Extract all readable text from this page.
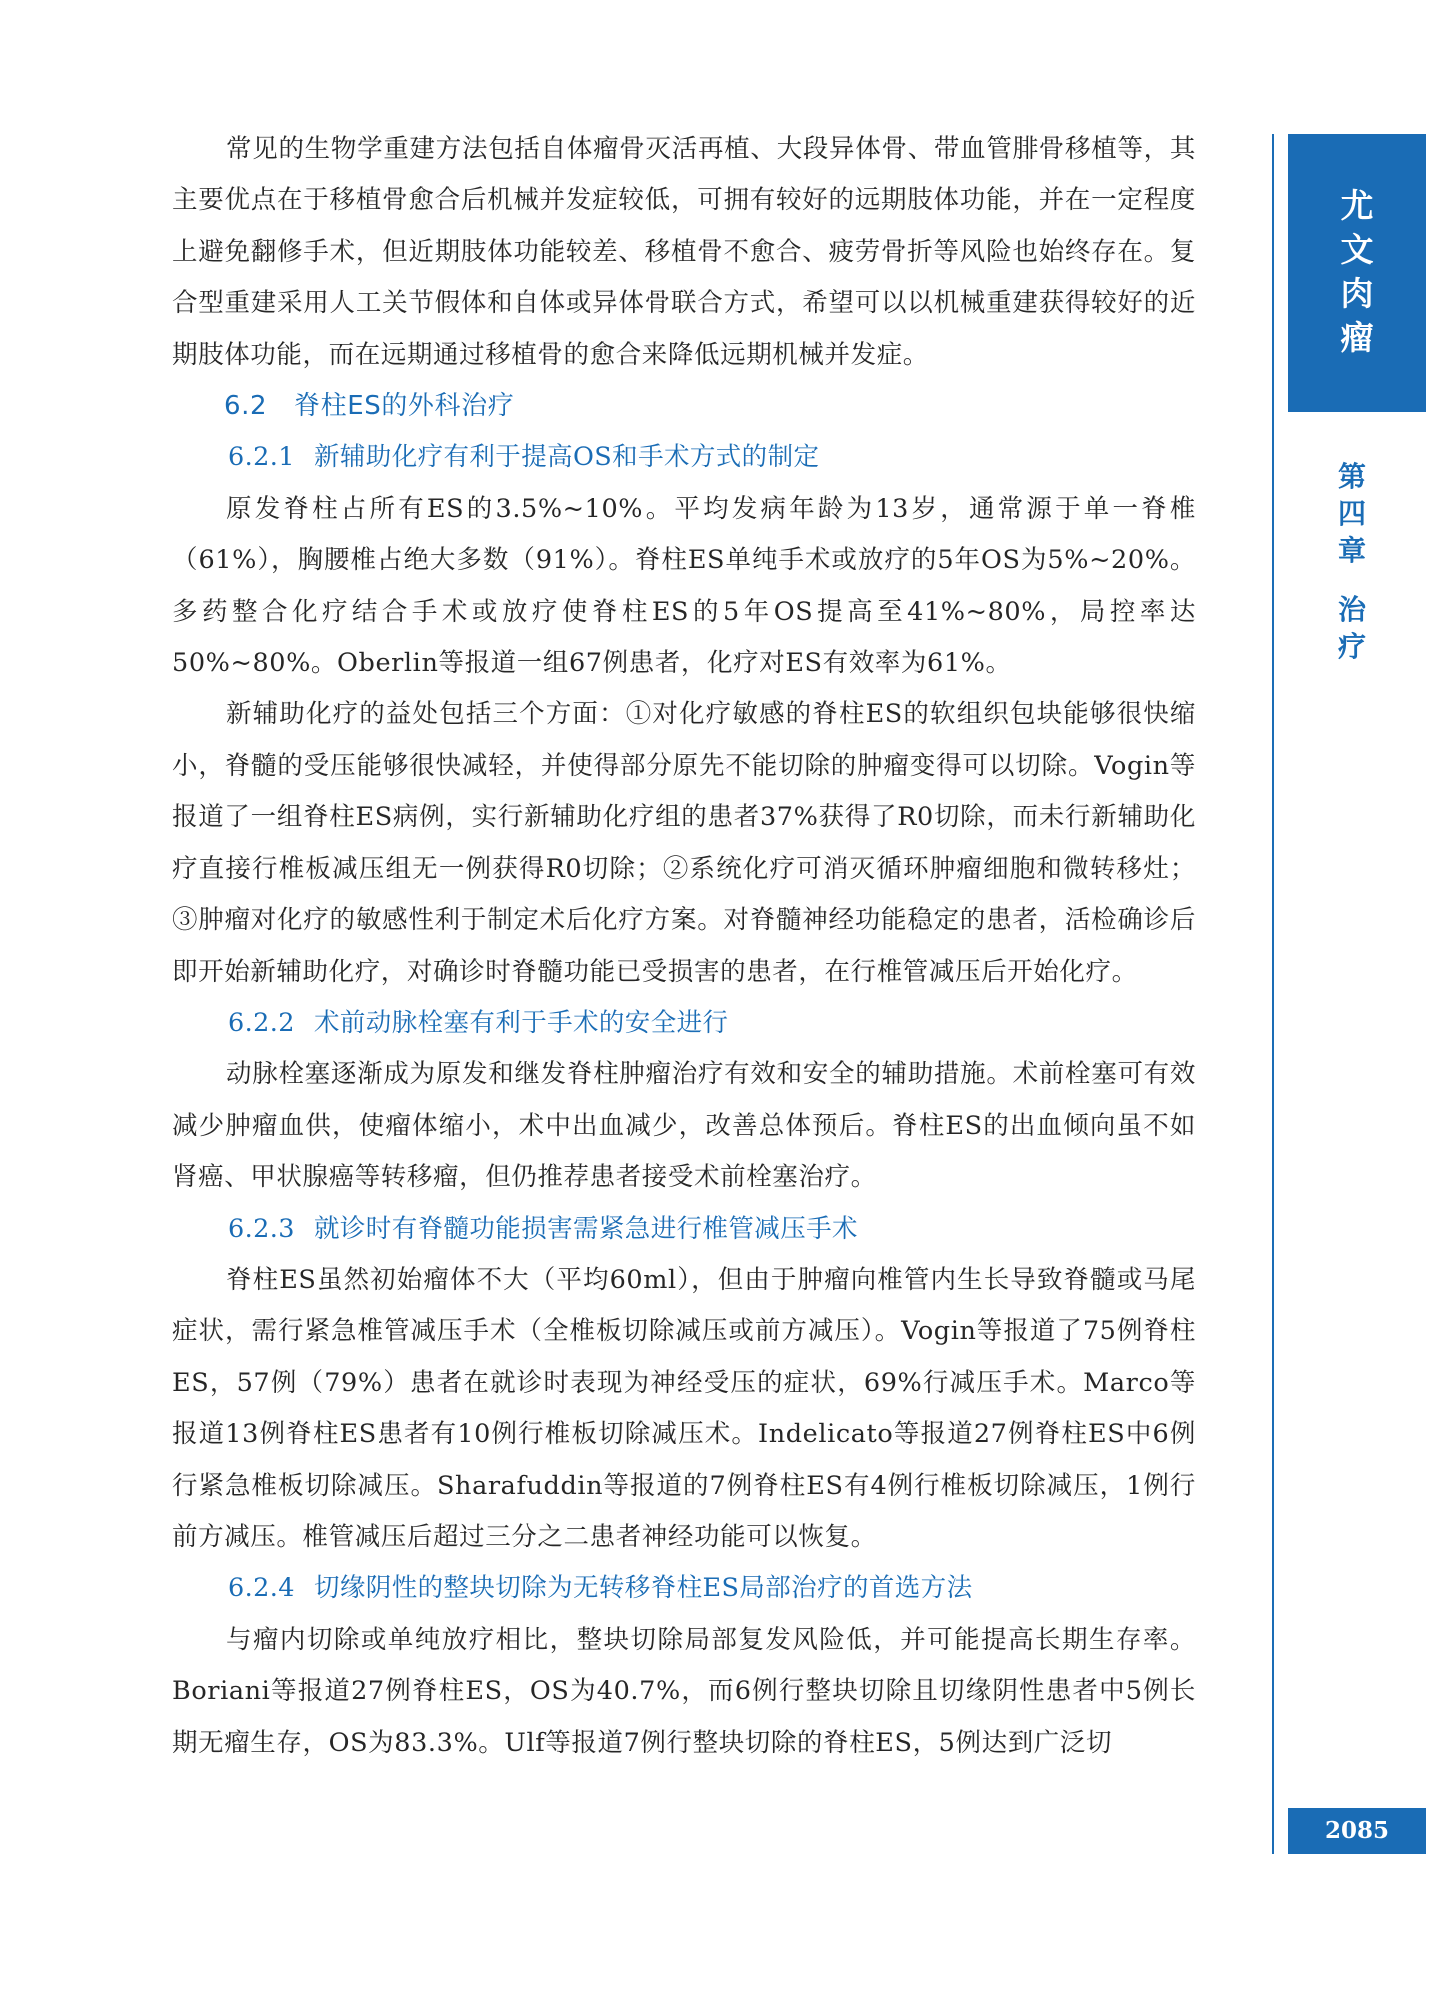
常见的生物学重建方法包括自体瘤骨灭活再植、大段异体骨、带血管腓骨移植等，其主要优点在于移植骨愈合后机械并发症较低，可拥有较好的远期肢体功能，并在一定程度上避免翻修手术，但近期肢体功能较差、移植骨不愈合、疲劳骨折等风险也始终存在。复合型重建采用人工关节假体和自体或异体骨联合方式，希望可以以机械重建获得较好的近期肢体功能，而在远期通过移植骨的愈合来降低远期机械并发症。

6.2 脊柱ES的外科治疗
6.2.1 新辅助化疗有利于提高OS和手术方式的制定

原发脊柱占所有ES的3.5%~10%。平均发病年龄为13岁，通常源于单一脊椎（61%），胸腰椎占绝大多数（91%）。脊柱ES单纯手术或放疗的5年OS为5%~20%。多药整合化疗结合手术或放疗使脊柱ES的5年OS提高至41%~80%，局控率达50%~80%。Oberlin等报道一组67例患者，化疗对ES有效率为61%。

新辅助化疗的益处包括三个方面：①对化疗敏感的脊柱ES的软组织包块能够很快缩小，脊髓的受压能够很快减轻，并使得部分原先不能切除的肿瘤变得可以切除。Vogin等报道了一组脊柱ES病例，实行新辅助化疗组的患者37%获得了R0切除，而未行新辅助化疗直接行椎板减压组无一例获得R0切除；②系统化疗可消灭循环肿瘤细胞和微转移灶；③肿瘤对化疗的敏感性利于制定术后化疗方案。对脊髓神经功能稳定的患者，活检确诊后即开始新辅助化疗，对确诊时脊髓功能已受损害的患者，在行椎管减压后开始化疗。

6.2.2 术前动脉栓塞有利于手术的安全进行

动脉栓塞逐渐成为原发和继发脊柱肿瘤治疗有效和安全的辅助措施。术前栓塞可有效减少肿瘤血供，使瘤体缩小，术中出血减少，改善总体预后。脊柱ES的出血倾向虽不如肾癌、甲状腺癌等转移瘤，但仍推荐患者接受术前栓塞治疗。

6.2.3 就诊时有脊髓功能损害需紧急进行椎管减压手术

脊柱ES虽然初始瘤体不大（平均60ml），但由于肿瘤向椎管内生长导致脊髓或马尾症状，需行紧急椎管减压手术（全椎板切除减压或前方减压）。Vogin等报道了75例脊柱ES，57例（79%）患者在就诊时表现为神经受压的症状，69%行减压手术。Marco等报道13例脊柱ES患者有10例行椎板切除减压术。Indelicato等报道27例脊柱ES中6例行紧急椎板切除减压。Sharafuddin等报道的7例脊柱ES有4例行椎板切除减压，1例行前方减压。椎管减压后超过三分之二患者神经功能可以恢复。

6.2.4 切缘阴性的整块切除为无转移脊柱ES局部治疗的首选方法

与瘤内切除或单纯放疗相比，整块切除局部复发风险低，并可能提高长期生存率。Boriani等报道27例脊柱ES，OS为40.7%，而6例行整块切除且切缘阴性患者中5例长期无瘤生存，OS为83.3%。Ulf等报道7例行整块切除的脊柱ES，5例达到广泛切

尤
文
肉
瘤
第
四
章
治
疗
2085
